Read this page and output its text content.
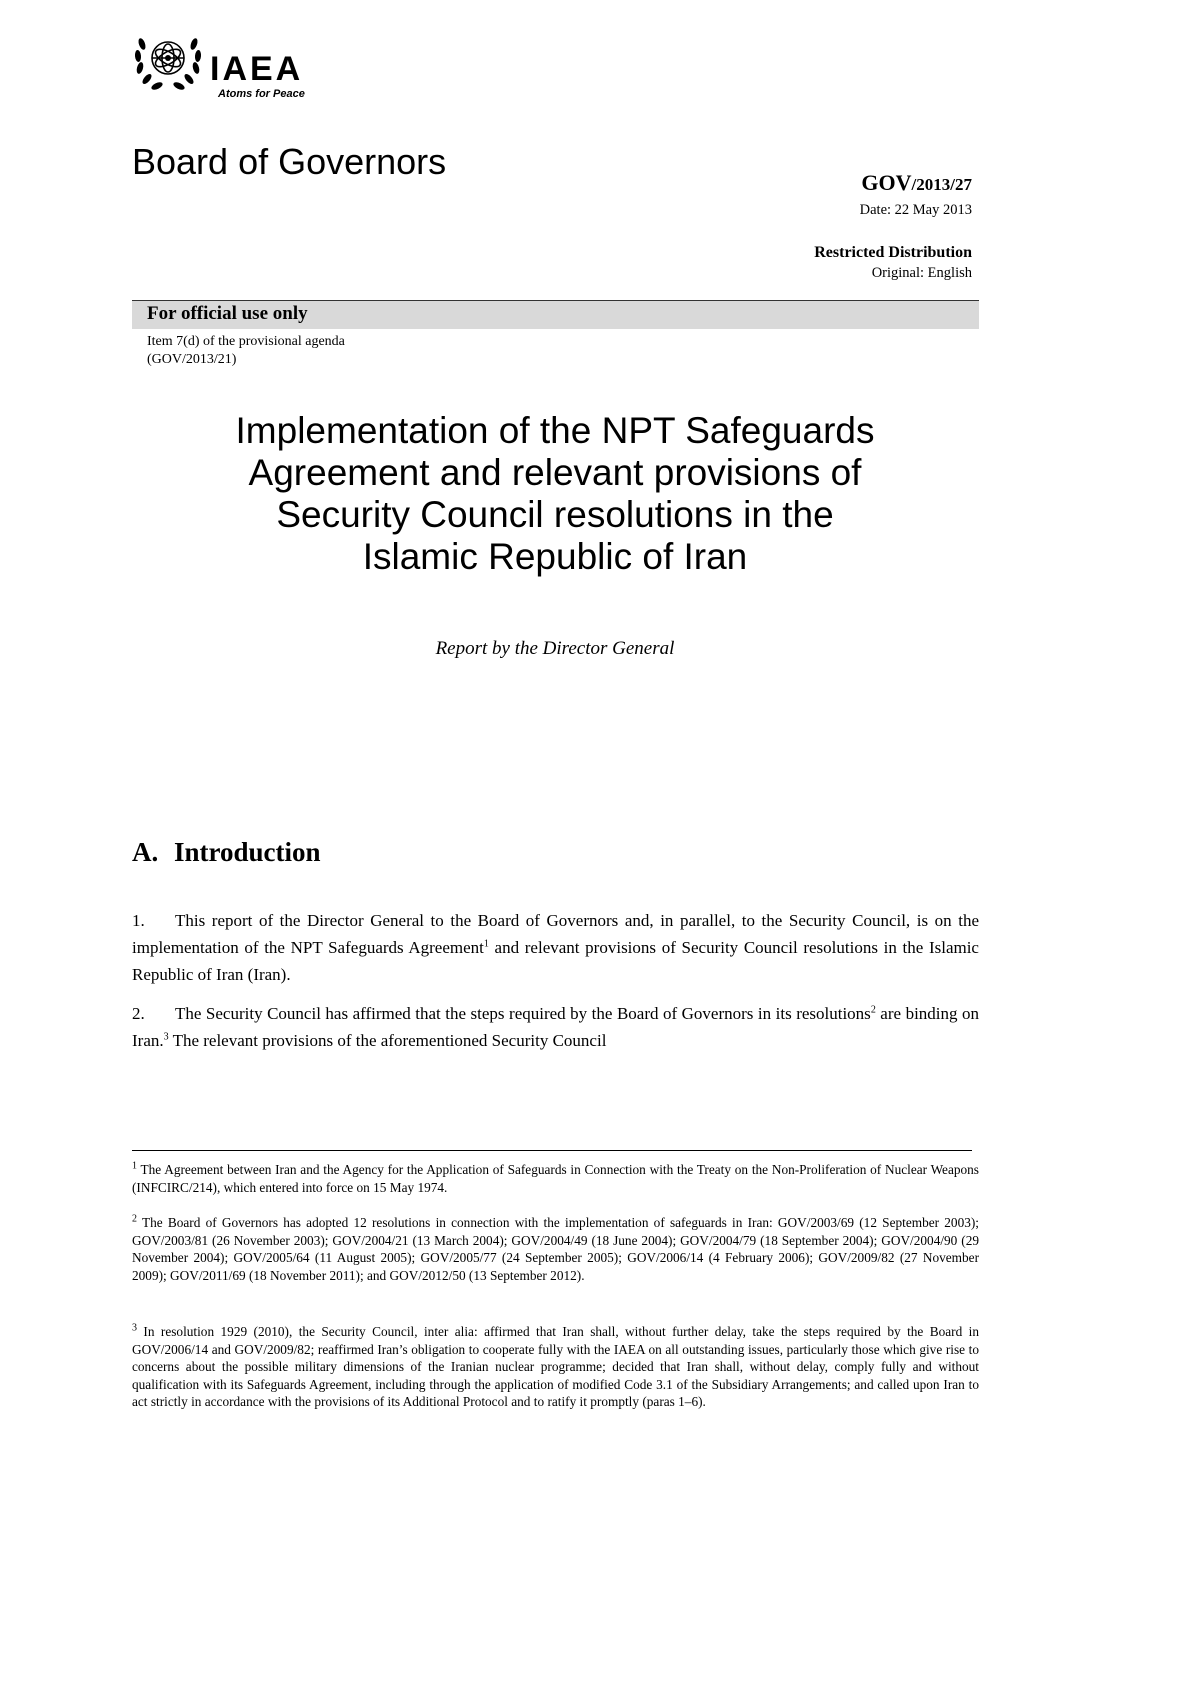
IAEA
Atoms for Peace
Board of Governors
GOV/2013/27
Date: 22 May 2013
Restricted Distribution
Original: English
For official use only
Item 7(d) of the provisional agenda
(GOV/2013/21)
Implementation of the NPT Safeguards
Agreement and relevant provisions of
Security Council resolutions in the
Islamic Republic of Iran
Report by the Director General
A. Introduction
1. This report of the Director General to the Board of Governors and, in parallel, to the Security Council, is on the implementation of the NPT Safeguards Agreement$^1$ and relevant provisions of Security Council resolutions in the Islamic Republic of Iran (Iran).
2. The Security Council has affirmed that the steps required by the Board of Governors in its resolutions$^2$ are binding on Iran.$^3$ The relevant provisions of the aforementioned Security Council
$^1$ The Agreement between Iran and the Agency for the Application of Safeguards in Connection with the Treaty on the Non-Proliferation of Nuclear Weapons (INFCIRC/214), which entered into force on 15 May 1974.
$^2$ The Board of Governors has adopted 12 resolutions in connection with the implementation of safeguards in Iran: GOV/2003/69 (12 September 2003); GOV/2003/81 (26 November 2003); GOV/2004/21 (13 March 2004); GOV/2004/49 (18 June 2004); GOV/2004/79 (18 September 2004); GOV/2004/90 (29 November 2004); GOV/2005/64 (11 August 2005); GOV/2005/77 (24 September 2005); GOV/2006/14 (4 February 2006); GOV/2009/82 (27 November 2009); GOV/2011/69 (18 November 2011); and GOV/2012/50 (13 September 2012).
$^3$ In resolution 1929 (2010), the Security Council, inter alia: affirmed that Iran shall, without further delay, take the steps required by the Board in GOV/2006/14 and GOV/2009/82; reaffirmed Iran’s obligation to cooperate fully with the IAEA on all outstanding issues, particularly those which give rise to concerns about the possible military dimensions of the Iranian nuclear programme; decided that Iran shall, without delay, comply fully and without qualification with its Safeguards Agreement, including through the application of modified Code 3.1 of the Subsidiary Arrangements; and called upon Iran to act strictly in accordance with the provisions of its Additional Protocol and to ratify it promptly (paras 1–6).
